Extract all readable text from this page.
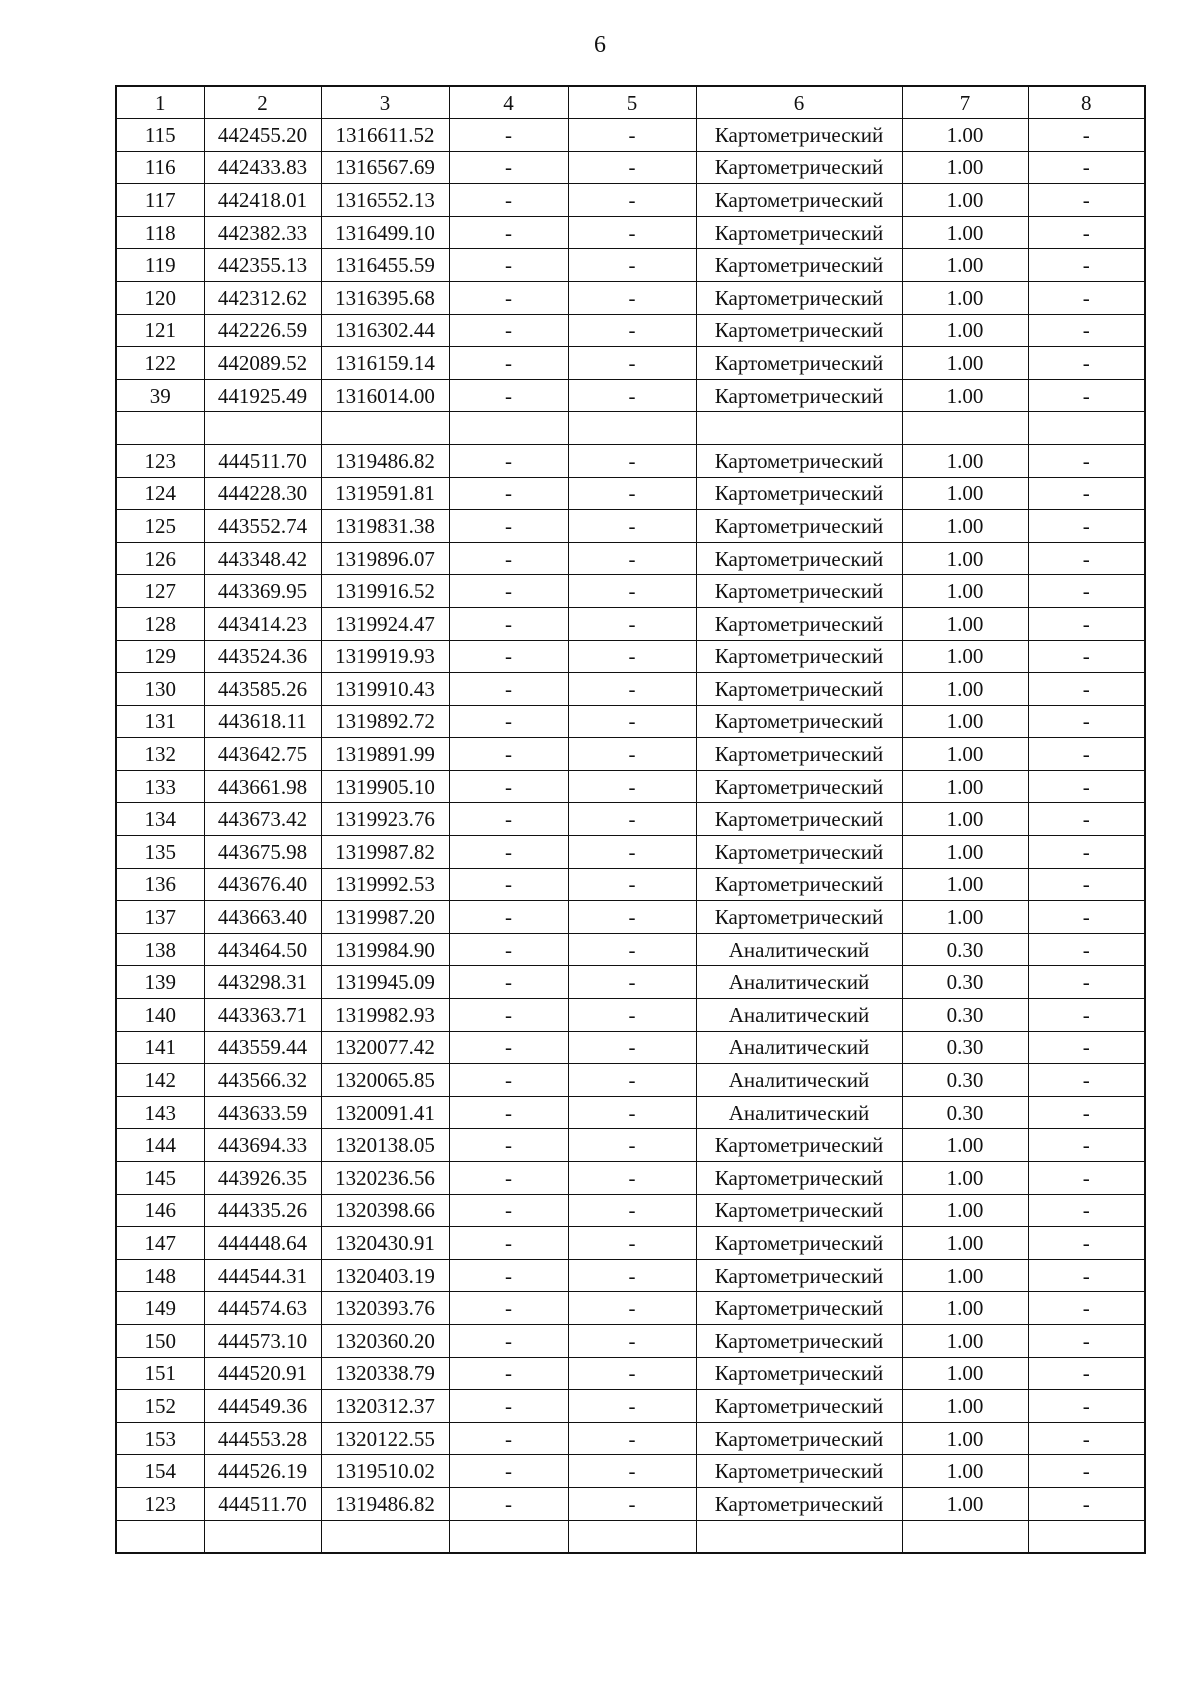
6
1	2	3	4	5	6	7	8
115	442455.20	1316611.52	-	-	Картометрический	1.00	-
116	442433.83	1316567.69	-	-	Картометрический	1.00	-
117	442418.01	1316552.13	-	-	Картометрический	1.00	-
118	442382.33	1316499.10	-	-	Картометрический	1.00	-
119	442355.13	1316455.59	-	-	Картометрический	1.00	-
120	442312.62	1316395.68	-	-	Картометрический	1.00	-
121	442226.59	1316302.44	-	-	Картометрический	1.00	-
122	442089.52	1316159.14	-	-	Картометрический	1.00	-
39	441925.49	1316014.00	-	-	Картометрический	1.00	-

123	444511.70	1319486.82	-	-	Картометрический	1.00	-
124	444228.30	1319591.81	-	-	Картометрический	1.00	-
125	443552.74	1319831.38	-	-	Картометрический	1.00	-
126	443348.42	1319896.07	-	-	Картометрический	1.00	-
127	443369.95	1319916.52	-	-	Картометрический	1.00	-
128	443414.23	1319924.47	-	-	Картометрический	1.00	-
129	443524.36	1319919.93	-	-	Картометрический	1.00	-
130	443585.26	1319910.43	-	-	Картометрический	1.00	-
131	443618.11	1319892.72	-	-	Картометрический	1.00	-
132	443642.75	1319891.99	-	-	Картометрический	1.00	-
133	443661.98	1319905.10	-	-	Картометрический	1.00	-
134	443673.42	1319923.76	-	-	Картометрический	1.00	-
135	443675.98	1319987.82	-	-	Картометрический	1.00	-
136	443676.40	1319992.53	-	-	Картометрический	1.00	-
137	443663.40	1319987.20	-	-	Картометрический	1.00	-
138	443464.50	1319984.90	-	-	Аналитический	0.30	-
139	443298.31	1319945.09	-	-	Аналитический	0.30	-
140	443363.71	1319982.93	-	-	Аналитический	0.30	-
141	443559.44	1320077.42	-	-	Аналитический	0.30	-
142	443566.32	1320065.85	-	-	Аналитический	0.30	-
143	443633.59	1320091.41	-	-	Аналитический	0.30	-
144	443694.33	1320138.05	-	-	Картометрический	1.00	-
145	443926.35	1320236.56	-	-	Картометрический	1.00	-
146	444335.26	1320398.66	-	-	Картометрический	1.00	-
147	444448.64	1320430.91	-	-	Картометрический	1.00	-
148	444544.31	1320403.19	-	-	Картометрический	1.00	-
149	444574.63	1320393.76	-	-	Картометрический	1.00	-
150	444573.10	1320360.20	-	-	Картометрический	1.00	-
151	444520.91	1320338.79	-	-	Картометрический	1.00	-
152	444549.36	1320312.37	-	-	Картометрический	1.00	-
153	444553.28	1320122.55	-	-	Картометрический	1.00	-
154	444526.19	1319510.02	-	-	Картометрический	1.00	-
123	444511.70	1319486.82	-	-	Картометрический	1.00	-
